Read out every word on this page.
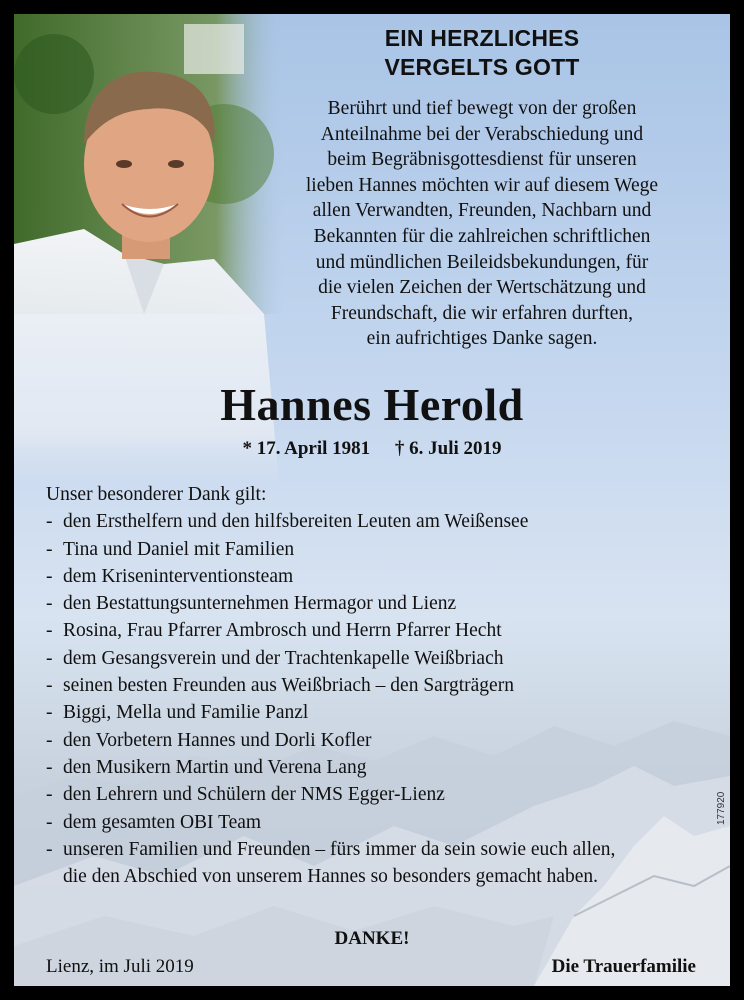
EIN HERZLICHES
VERGELTS GOTT

Berührt und tief bewegt von der großen
Anteilnahme bei der Verabschiedung und
beim Begräbnisgottesdienst für unseren
lieben Hannes möchten wir auf diesem Wege
allen Verwandten, Freunden, Nachbarn und
Bekannten für die zahlreichen schriftlichen
und mündlichen Beileidsbekundungen, für
die vielen Zeichen der Wertschätzung und
Freundschaft, die wir erfahren durften,
ein aufrichtiges Danke sagen.
Hannes Herold
* 17. April 1981 † 6. Juli 2019
Unser besonderer Dank gilt:
- den Ersthelfern und den hilfsbereiten Leuten am Weißensee
- Tina und Daniel mit Familien
- dem Kriseninterventionsteam
- den Bestattungsunternehmen Hermagor und Lienz
- Rosina, Frau Pfarrer Ambrosch und Herrn Pfarrer Hecht
- dem Gesangsverein und der Trachtenkapelle Weißbriach
- seinen besten Freunden aus Weißbriach – den Sargträgern
- Biggi, Mella und Familie Panzl
- den Vorbetern Hannes und Dorli Kofler
- den Musikern Martin und Verena Lang
- den Lehrern und Schülern der NMS Egger-Lienz
- dem gesamten OBI Team
- unseren Familien und Freunden – fürs immer da sein sowie euch allen, die den Abschied von unserem Hannes so besonders gemacht haben.
DANKE!
Lienz, im Juli 2019	Die Trauerfamilie
177920
